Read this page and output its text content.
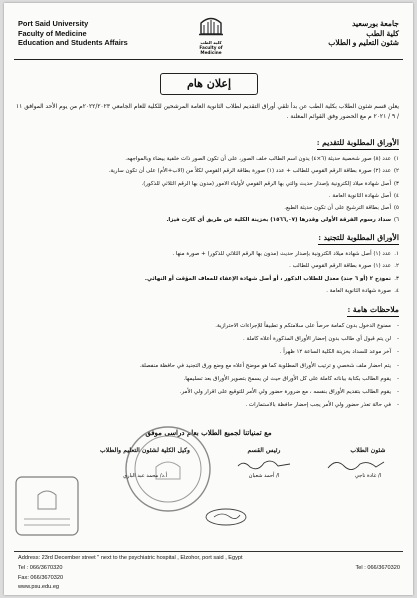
Port Said University
Faculty of Medicine
Education and Students Affairs	كلية الطب
Faculty of Medicine
جامعة بورسعيد
كلية الطب
شئون التعليم و الطلاب
إعلان هام
يعلن قسم شئون الطلاب بكلية الطب عن بدأ تلقي أوراق التقديم لطلاب الثانوية العامة المرشحين للكلية للعام الجامعي ٢٠٢٢/٢٠٢٣م من يوم الأحد الموافق ١١ / ٩ / ٢٠٢١ م مع الحضور وفق القوائم المعلنة .
الأوراق المطلوبة للتقديم :
١)
عدد (٨) صور شخصية حديثة (٦×٤) يدون اسم الطالب خلف الصور، على أن تكون الصور ذات خلفية بيضاء وبالمواجهه.
٢)
عدد (٢) صورة بطاقة الرقم القومي للطالب + عدد (١) صورة بطاقة الرقم القومي لكلاً من (الاب+الأم) على أن تكون سارية.
٣)
أصل شهادة ميلاد إلكترونية بإصدار حديث والتي بها الرقم القومي لأولياء الامور (مدون بها الرقم الثلاثي للذكور).
٤)
أصل شهادة الثانوية العامة .
٥)
أصل بطاقة الترشيح على أن تكون حديثة الطبع.
٦)
سداد رسوم الفرقة الأولى وقدرها (١٥٦٦,٠٧) بخزينة الكلية عن طريق أى كارت فيزا.
الأوراق المطلوبة للتجنيد :
١.
عدد (١) أصل شهادة ميلاد الكترونية بإصدار حديث (مدون بها الرقم الثلاثي للذكور) + صورة منها .
٢.
عدد (١) صورة بطاقة الرقم القومي للطالب .
٣.
نموذج ٢ (أو ٦ جند) معدل للطلاب الذكور ، أو أصل شهادة الإعفاء للمعاف المؤقت أو النهائي.
٤.
صورة شهادة الثانوية العامة .
ملاحظات هامة :
-
ممنوع الدخول بدون كمامة حرصاً على سلامتكم و تطبيقاً للإجراءات الاحترازية.
-
لن يتم قبول أي طالب بدون إحضار الأوراق المذكورة أعلاه كاملة .
-
آخر موعد للسداد بخزينة الكلية الساعة ١٢ ظهراً .
-
يتم احضار ملف شخصي و ترتيب الأوراق المطلوبة كما هو موضح أعلاه مع وضع ورق التجنيد في حافظة منفصلة.
-
يقوم الطالب بكتابة بياناته كاملة على كل الأوراق حيث لن يسمح بتصوير الأوراق بعد تسليمها.
-
يقوم الطالب بتقديم الأوراق بنفسه ، مع ضرورة حضور ولي الأمر للتوقيع على اقرار ولي الأمر.
-
في حالة تعذر حضور ولي الأمر يجب إحضار حافظة بالاستمارات .
مع تمنياتنا لجميع الطلاب بعام دراسي موفق
شئون الطلاب
ا/ غادة ناجي
رئيس القسم
ا/ أحمد شعبان
وكيل الكلية لشئون التعليم والطلاب
أ.د/ محمد عبد الباري
Address: 23rd December street " next to the psychiatric hospital , Elzohor, port said , Egypt
Tel : 066/3670320	Tel : 066/3670320
Fax: 066/3670320
www.psu.edu.eg
